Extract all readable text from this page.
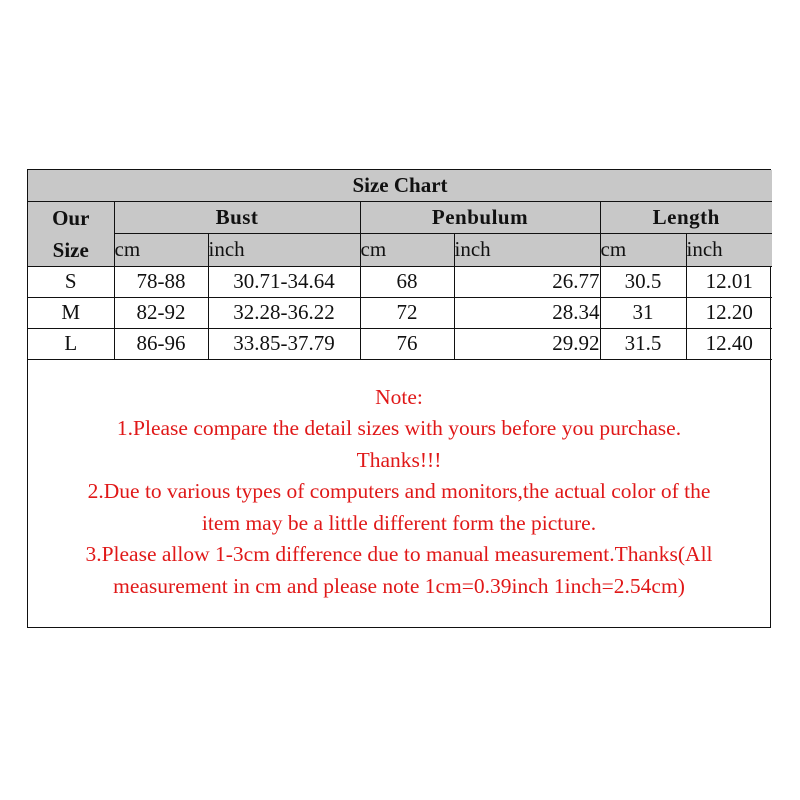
Size Chart						
Our
Size	Bust		Penbulum		Length	
	cm	inch	cm	inch	cm	inch
S	78-88	30.71-34.64	68	26.77	30.5	12.01
M	82-92	32.28-36.22	72	28.34	31	12.20
L	86-96	33.85-37.79	76	29.92	31.5	12.40
Note:
1.Please compare the detail sizes with yours before you purchase.
Thanks!!!
2.Due to various types of computers and monitors,the actual color of the
item may be a little different form the picture.
3.Please allow 1-3cm difference due to manual measurement.Thanks(All
measurement in cm and please note 1cm=0.39inch 1inch=2.54cm)
